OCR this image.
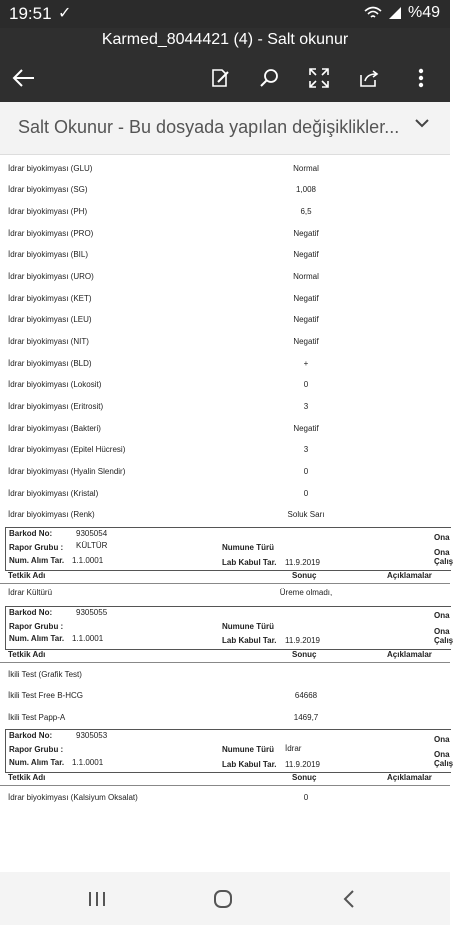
19:51 ✓	%49
Karmed_8044421 (4) - Salt okunur
Salt Okunur - Bu dosyada yapılan değişiklikler...
İdrar biyokimyası (GLU)	Normal
İdrar biyokimyası (SG)	1,008
İdrar biyokimyası (PH)	6,5
İdrar biyokimyası (PRO)	Negatif
İdrar biyokimyası (BIL)	Negatif
İdrar biyokimyası (URO)	Normal
İdrar biyokimyası (KET)	Negatif
İdrar biyokimyası (LEU)	Negatif
İdrar biyokimyası (NIT)	Negatif
İdrar biyokimyası (BLD)	+
İdrar biyokimyası (Lokosit)	0
İdrar biyokimyası (Eritrosit)	3
İdrar biyokimyası (Bakteri)	Negatif
İdrar biyokimyası (Epitel Hücresi)	3
İdrar biyokimyası (Hyalin Slendir)	0
İdrar biyokimyası (Kristal)	0
İdrar biyokimyası (Renk)	Soluk Sarı
Barkod No:	9305054
Rapor Grubu : KÜLTÜR
Num. Alım Tar. 1.1.0001
Numune Türü
Lab Kabul Tar. 11.9.2019
Ona
Ona
Çalış
Tetkik Adı	Sonuç	Açıklamalar
İdrar Kültürü	Üreme olmadı,
Barkod No:	9305055
Rapor Grubu :
Num. Alım Tar. 1.1.0001
Numune Türü
Lab Kabul Tar. 11.9.2019
Ona
Ona
Çalış
Tetkik Adı	Sonuç	Açıklamalar
İkili Test (Grafik Test)
İkili Test Free B-HCG	64668
İkili Test Papp-A	1469,7
Barkod No:	9305053
Rapor Grubu :
Num. Alım Tar. 1.1.0001
Numune Türü İdrar
Lab Kabul Tar. 11.9.2019
Ona
Ona
Çalış
Tetkik Adı	Sonuç	Açıklamalar
İdrar biyokimyası (Kalsiyum Oksalat)	0
